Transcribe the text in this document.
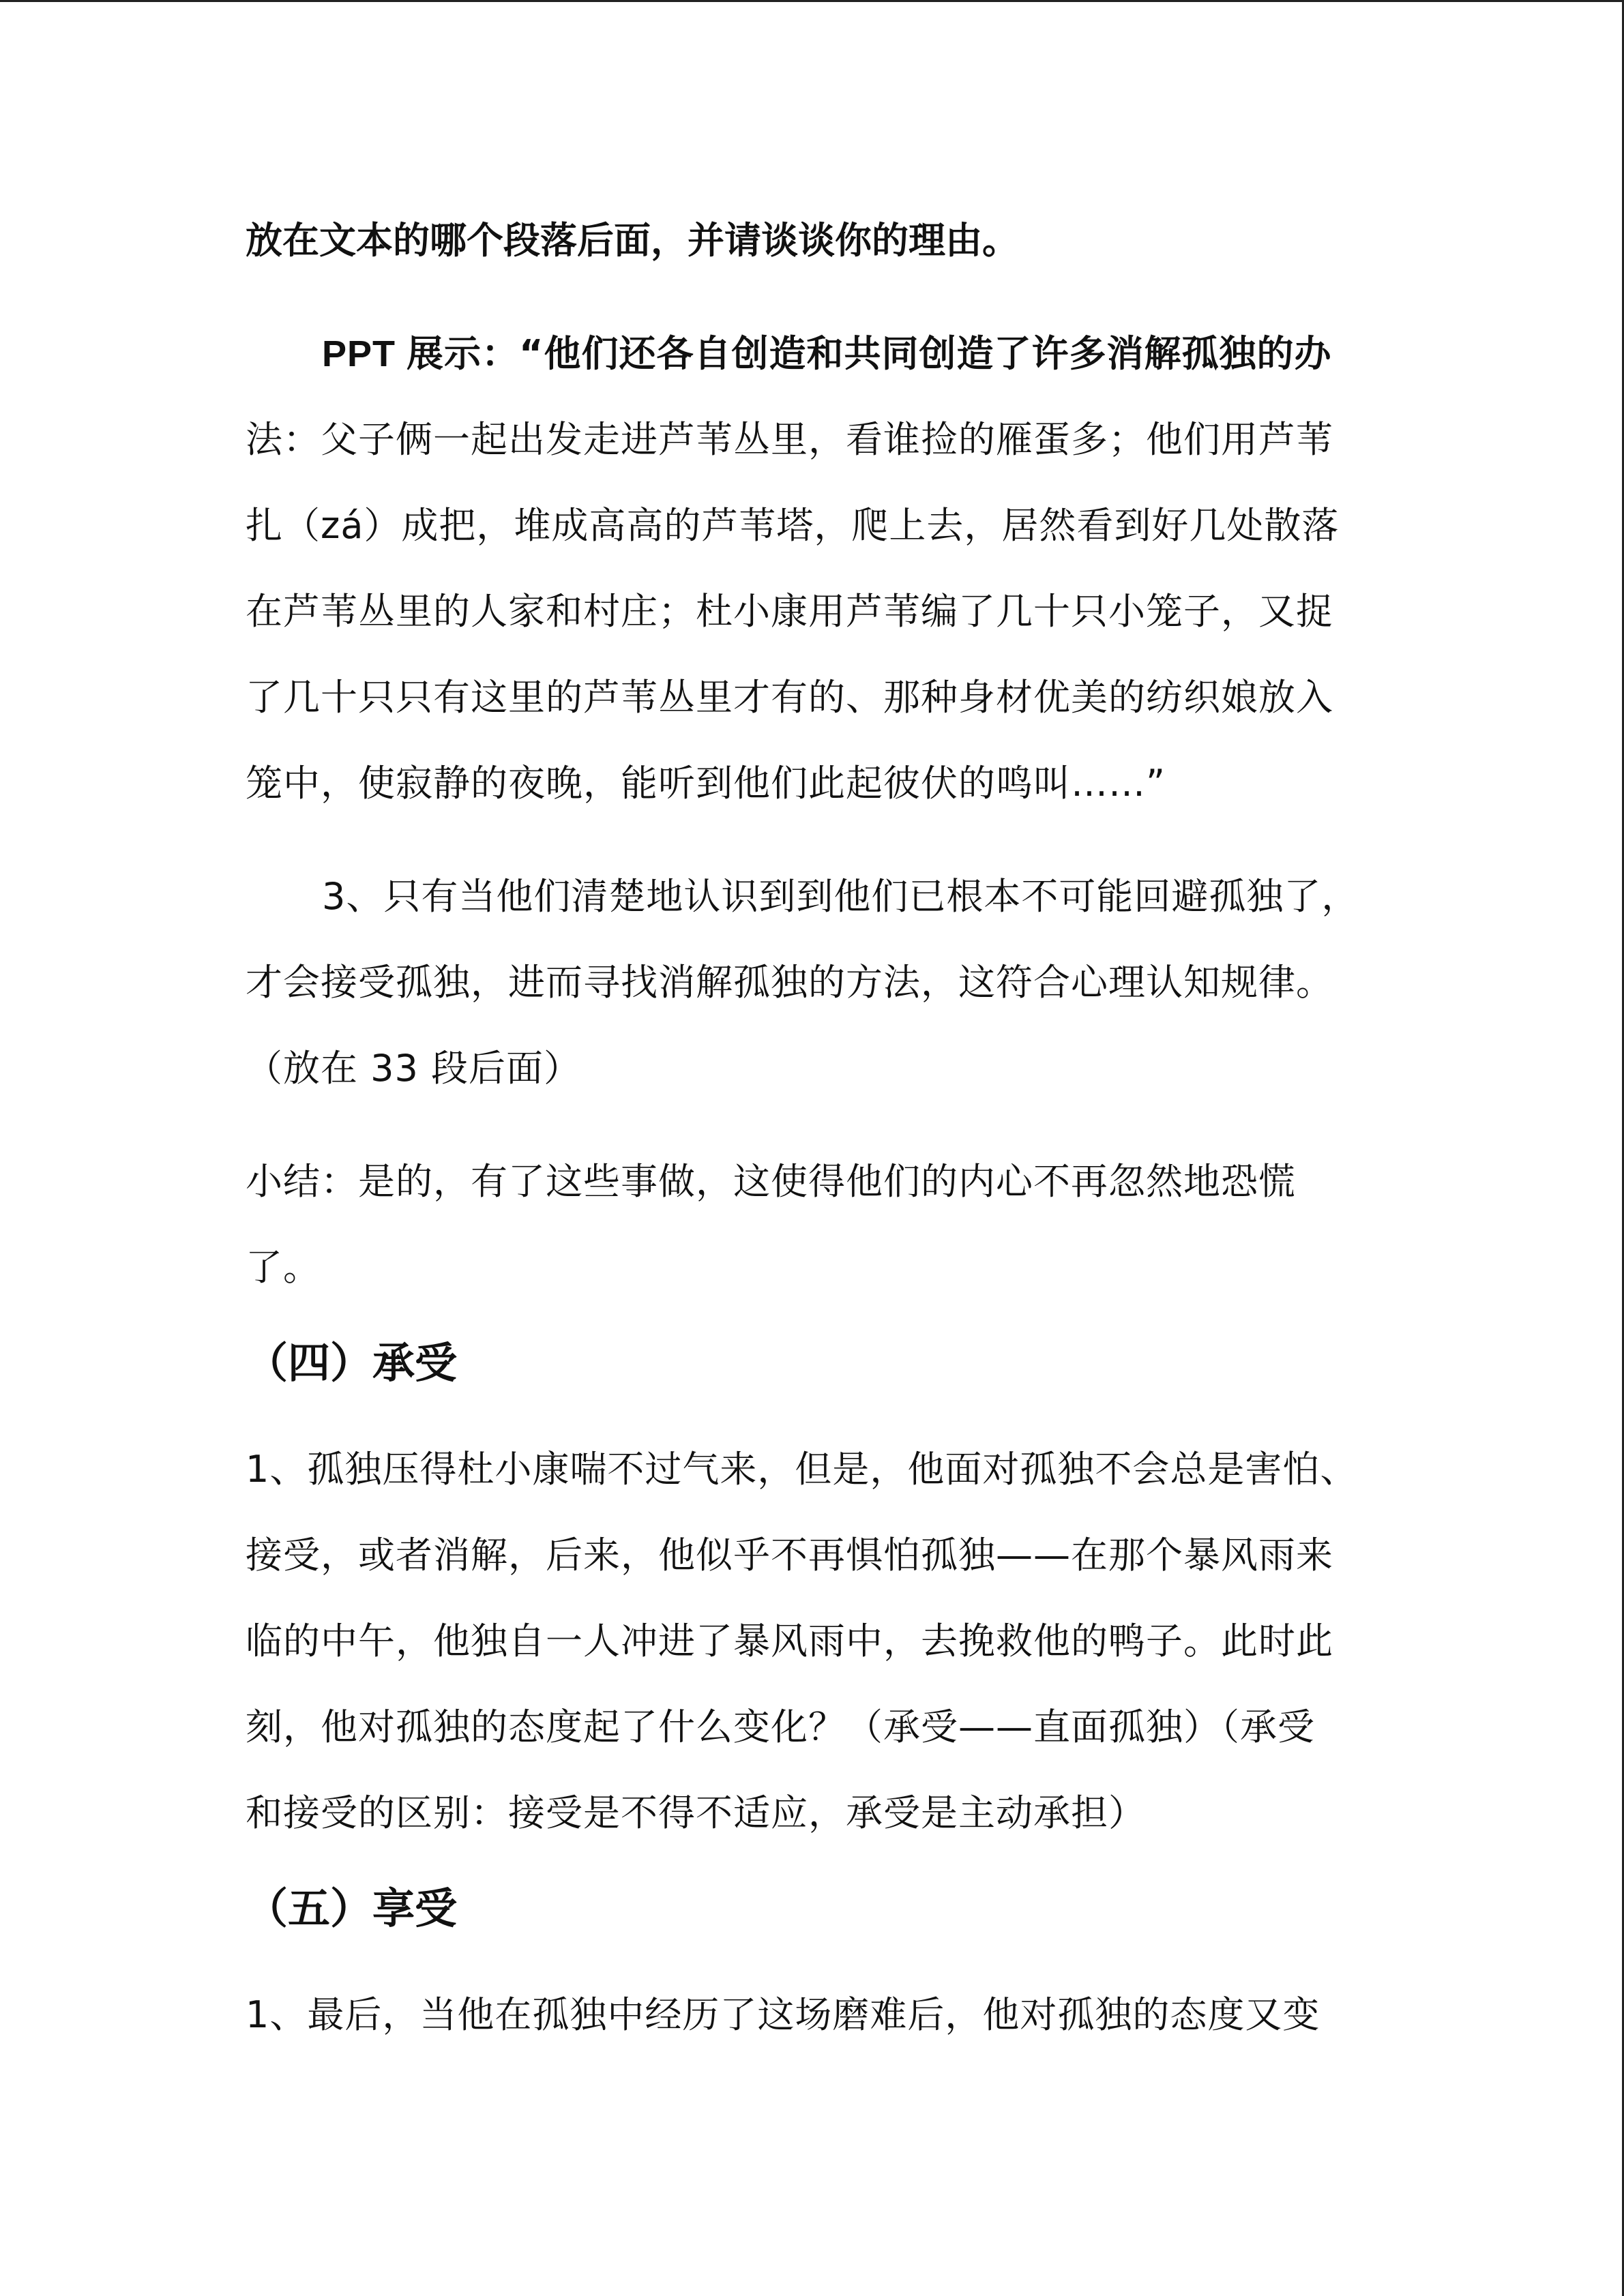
放在文本的哪个段落后面，并请谈谈你的理由。
PPT 展示：“他们还各自创造和共同创造了许多消解孤独的办
法：父子俩一起出发走进芦苇丛里，看谁捡的雁蛋多；他们用芦苇
扎（zá）成把，堆成高高的芦苇塔，爬上去，居然看到好几处散落
在芦苇丛里的人家和村庄；杜小康用芦苇编了几十只小笼子，又捉
了几十只只有这里的芦苇丛里才有的、那种身材优美的纺织娘放入
笼中，使寂静的夜晚，能听到他们此起彼伏的鸣叫……”
3、只有当他们清楚地认识到到他们已根本不可能回避孤独了，
才会接受孤独，进而寻找消解孤独的方法，这符合心理认知规律。
（放在 33 段后面）
小结：是的，有了这些事做，这使得他们的内心不再忽然地恐慌
了。
（四）承受
1、孤独压得杜小康喘不过气来，但是，他面对孤独不会总是害怕、
接受，或者消解，后来，他似乎不再惧怕孤独——在那个暴风雨来
临的中午，他独自一人冲进了暴风雨中，去挽救他的鸭子。此时此
刻，他对孤独的态度起了什么变化？（承受——直面孤独）（承受
和接受的区别：接受是不得不适应，承受是主动承担）
（五）享受
1、最后，当他在孤独中经历了这场磨难后，他对孤独的态度又变
